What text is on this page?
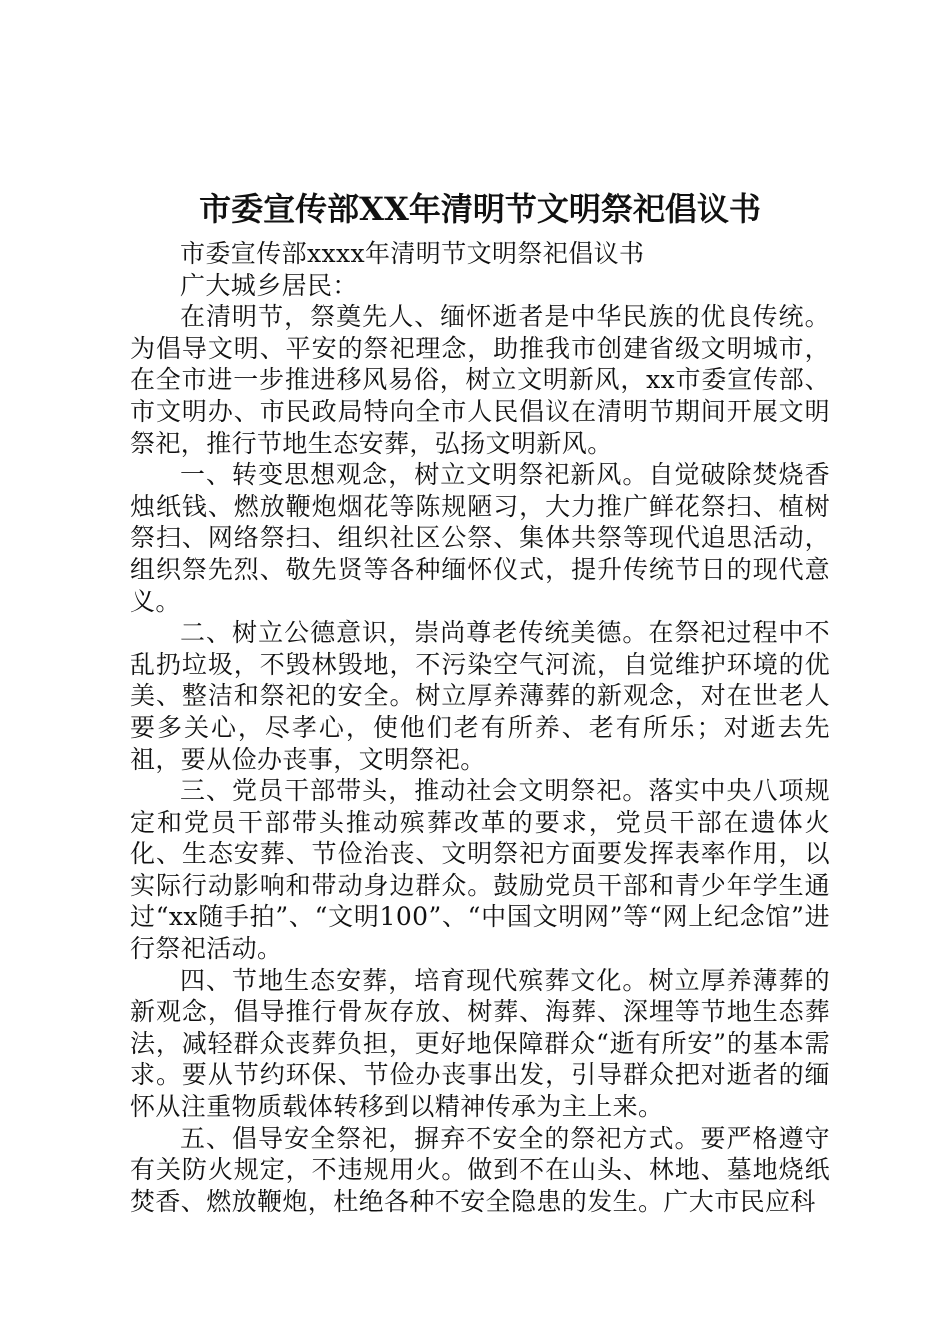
市委宣传部XX年清明节文明祭祀倡议书

市委宣传部xxxx年清明节文明祭祀倡议书

广大城乡居民：

在清明节，祭奠先人、缅怀逝者是中华民族的优良传统。为倡导文明、平安的祭祀理念，助推我市创建省级文明城市，在全市进一步推进移风易俗，树立文明新风，xx市委宣传部、市文明办、市民政局特向全市人民倡议在清明节期间开展文明祭祀，推行节地生态安葬，弘扬文明新风。

一、转变思想观念，树立文明祭祀新风。自觉破除焚烧香烛纸钱、燃放鞭炮烟花等陈规陋习，大力推广鲜花祭扫、植树祭扫、网络祭扫、组织社区公祭、集体共祭等现代追思活动，组织祭先烈、敬先贤等各种缅怀仪式，提升传统节日的现代意义。

二、树立公德意识，崇尚尊老传统美德。在祭祀过程中不乱扔垃圾，不毁林毁地，不污染空气河流，自觉维护环境的优美、整洁和祭祀的安全。树立厚养薄葬的新观念，对在世老人要多关心，尽孝心，使他们老有所养、老有所乐；对逝去先祖，要从俭办丧事，文明祭祀。

三、党员干部带头，推动社会文明祭祀。落实中央八项规定和党员干部带头推动殡葬改革的要求，党员干部在遗体火化、生态安葬、节俭治丧、文明祭祀方面要发挥表率作用，以实际行动影响和带动身边群众。鼓励党员干部和青少年学生通过“xx随手拍”、“文明100”、“中国文明网”等“网上纪念馆”进行祭祀活动。

四、节地生态安葬，培育现代殡葬文化。树立厚养薄葬的新观念，倡导推行骨灰存放、树葬、海葬、深埋等节地生态葬法，减轻群众丧葬负担，更好地保障群众“逝有所安”的基本需求。要从节约环保、节俭办丧事出发，引导群众把对逝者的缅怀从注重物质载体转移到以精神传承为主上来。

五、倡导安全祭祀，摒弃不安全的祭祀方式。要严格遵守有关防火规定，不违规用火。做到不在山头、林地、墓地烧纸焚香、燃放鞭炮，杜绝各种不安全隐患的发生。广大市民应科
